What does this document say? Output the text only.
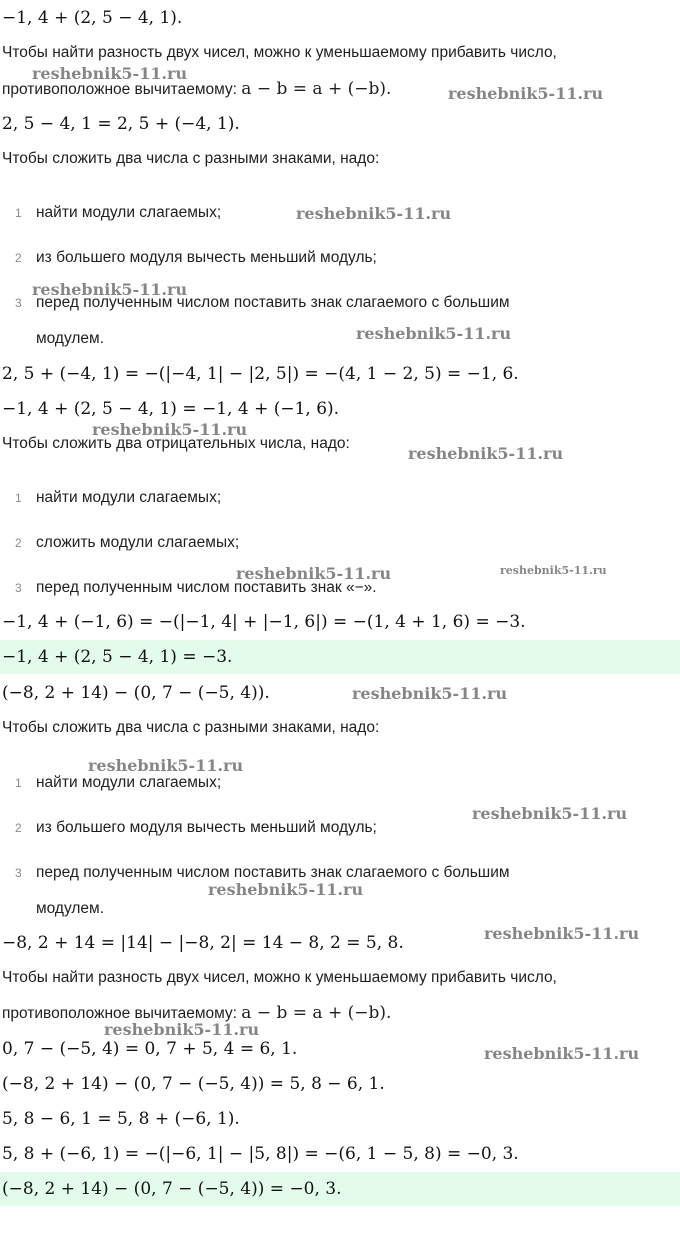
−1, 4 + (2, 5 − 4, 1).
Чтобы найти разность двух чисел, можно к уменьшаемому прибавить число,
противоположное вычитаемому: a − b = a + (−b).
2, 5 − 4, 1 = 2, 5 + (−4, 1).
Чтобы сложить два числа с разными знаками, надо:
1 найти модули слагаемых;
2 из большего модуля вычесть меньший модуль;
3 перед полученным числом поставить знак слагаемого с большим
модулем.
2, 5 + (−4, 1) = −(|−4, 1| − |2, 5|) = −(4, 1 − 2, 5) = −1, 6.
−1, 4 + (2, 5 − 4, 1) = −1, 4 + (−1, 6).
Чтобы сложить два отрицательных числа, надо:
1 найти модули слагаемых;
2 сложить модули слагаемых;
3 перед полученным числом поставить знак «−».
−1, 4 + (−1, 6) = −(|−1, 4| + |−1, 6|) = −(1, 4 + 1, 6) = −3.
−1, 4 + (2, 5 − 4, 1) = −3.
(−8, 2 + 14) − (0, 7 − (−5, 4)).
Чтобы сложить два числа с разными знаками, надо:
1 найти модули слагаемых;
2 из большего модуля вычесть меньший модуль;
3 перед полученным числом поставить знак слагаемого с большим
модулем.
−8, 2 + 14 = |14| − |−8, 2| = 14 − 8, 2 = 5, 8.
Чтобы найти разность двух чисел, можно к уменьшаемому прибавить число,
противоположное вычитаемому: a − b = a + (−b).
0, 7 − (−5, 4) = 0, 7 + 5, 4 = 6, 1.
(−8, 2 + 14) − (0, 7 − (−5, 4)) = 5, 8 − 6, 1.
5, 8 − 6, 1 = 5, 8 + (−6, 1).
5, 8 + (−6, 1) = −(|−6, 1| − |5, 8|) = −(6, 1 − 5, 8) = −0, 3.
(−8, 2 + 14) − (0, 7 − (−5, 4)) = −0, 3.
reshebnik5-11.ru
reshebnik5-11.ru
reshebnik5-11.ru
reshebnik5-11.ru
reshebnik5-11.ru
reshebnik5-11.ru
reshebnik5-11.ru
reshebnik5-11.ru	reshebnik5-11.ru
reshebnik5-11.ru
reshebnik5-11.ru
reshebnik5-11.ru
reshebnik5-11.ru
reshebnik5-11.ru
reshebnik5-11.ru
reshebnik5-11.ru
